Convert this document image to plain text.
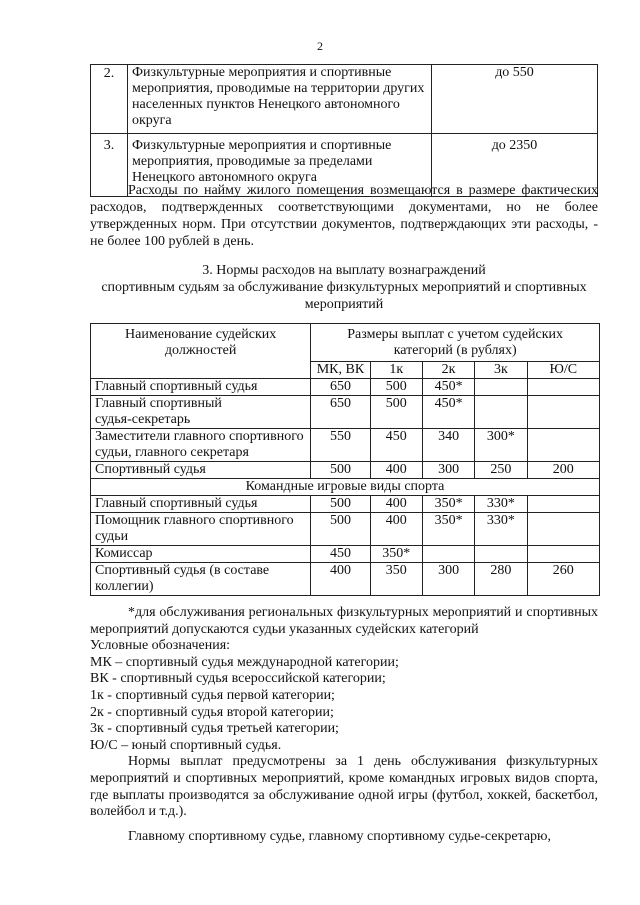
2
2.	Физкультурные мероприятия и спортивные мероприятия, проводимые на территории других населенных пунктов Ненецкого автономного округа	до 550
3.	Физкультурные мероприятия и спортивные мероприятия, проводимые за пределами Ненецкого автономного округа	до 2350

Расходы по найму жилого помещения возмещаются в размере фактических расходов, подтвержденных соответствующими документами, но не более утвержденных норм. При отсутствии документов, подтверждающих эти расходы, - не более 100 рублей в день.

3. Нормы расходов на выплату вознаграждений
спортивным судьям за обслуживание физкультурных мероприятий и спортивных
мероприятий
Наименование судейских должностей	Размеры выплат с учетом судейских категорий (в рублях)				
	МК, ВК	1к	2к	3к	Ю/С
Главный спортивный судья	650	500	450*		
Главный спортивный судья-секретарь	650	500	450*		
Заместители главного спортивного судьи, главного секретаря	550	450	340	300*	
Спортивный судья	500	400	300	250	200
Командные игровые виды спорта					
Главный спортивный судья	500	400	350*	330*	
Помощник главного спортивного судьи	500	400	350*	330*	
Комиссар	450	350*			
Спортивный судья (в составе коллегии)	400	350	300	280	260

*для обслуживания региональных физкультурных мероприятий и спортивных мероприятий допускаются судьи указанных судейских категорий

Условные обозначения:

МК – спортивный судья международной категории;

ВК - спортивный судья всероссийской категории;

1к - спортивный судья первой категории;

2к - спортивный судья второй категории;

3к - спортивный судья третьей категории;

Ю/С – юный спортивный судья.

Нормы выплат предусмотрены за 1 день обслуживания физкультурных мероприятий и спортивных мероприятий, кроме командных игровых видов спорта, где выплаты производятся за обслуживание одной игры (футбол, хоккей, баскетбол, волейбол и т.д.).

Главному спортивному судье, главному спортивному судье-секретарю,
